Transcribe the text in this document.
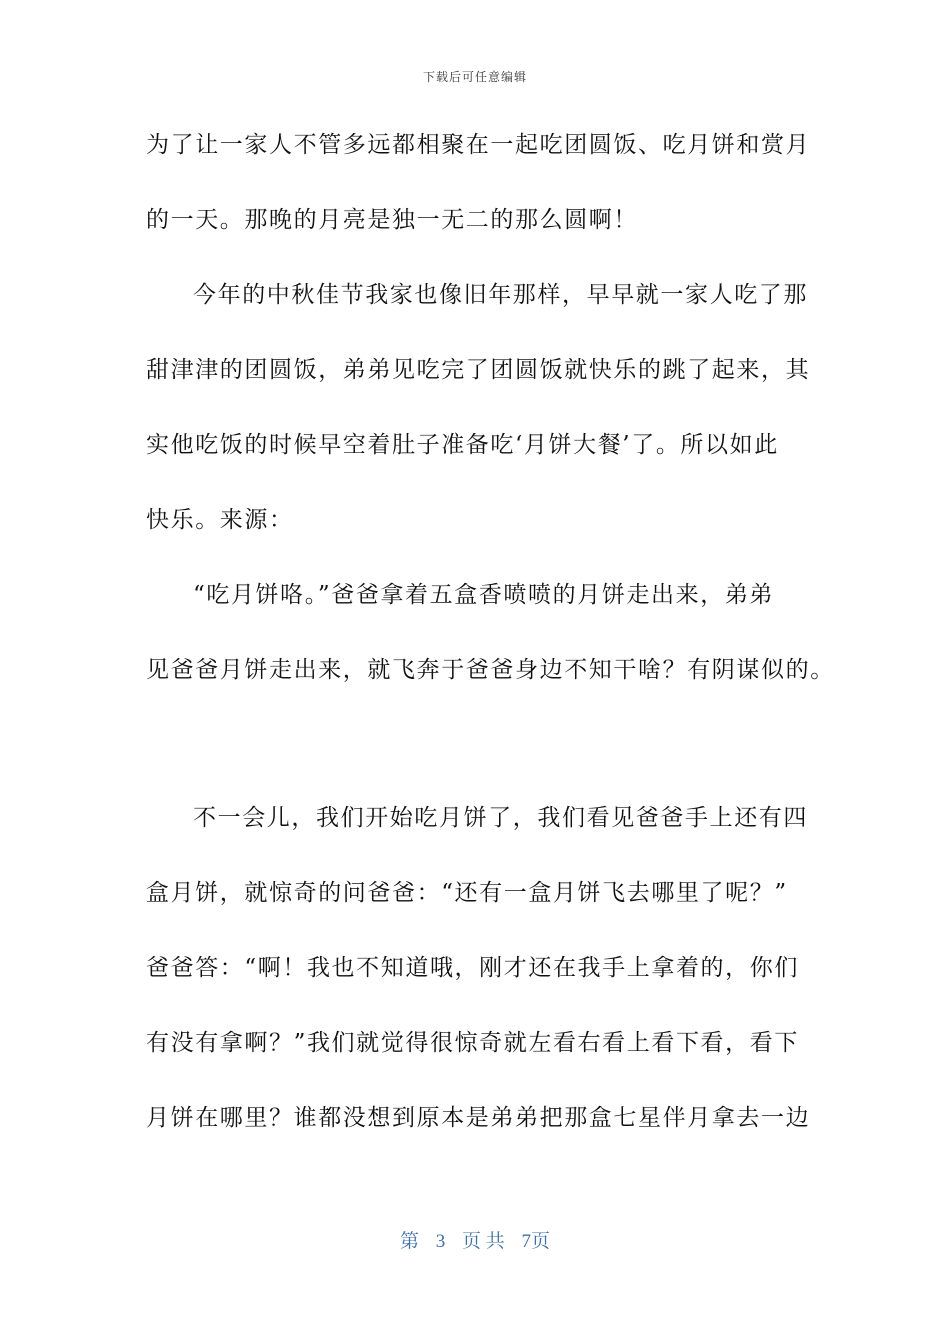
下载后可任意编辑
为了让一家人不管多远都相聚在一起吃团圆饭、吃月饼和赏月
的一天。那晚的月亮是独一无二的那么圆啊！
今年的中秋佳节我家也像旧年那样，早早就一家人吃了那
甜津津的团圆饭，弟弟见吃完了团圆饭就快乐的跳了起来，其
实他吃饭的时候早空着肚子准备吃‘月饼大餐’了。所以如此
快乐。来源：
“吃月饼咯。”爸爸拿着五盒香喷喷的月饼走出来，弟弟
见爸爸月饼走出来，就飞奔于爸爸身边不知干啥？有阴谋似的。
不一会儿，我们开始吃月饼了，我们看见爸爸手上还有四
盒月饼，就惊奇的问爸爸：“还有一盒月饼飞去哪里了呢？”
爸爸答：“啊！我也不知道哦，刚才还在我手上拿着的，你们
有没有拿啊？”我们就觉得很惊奇就左看右看上看下看，看下
月饼在哪里？谁都没想到原本是弟弟把那盒七星伴月拿去一边
第 3 页 共 7页
